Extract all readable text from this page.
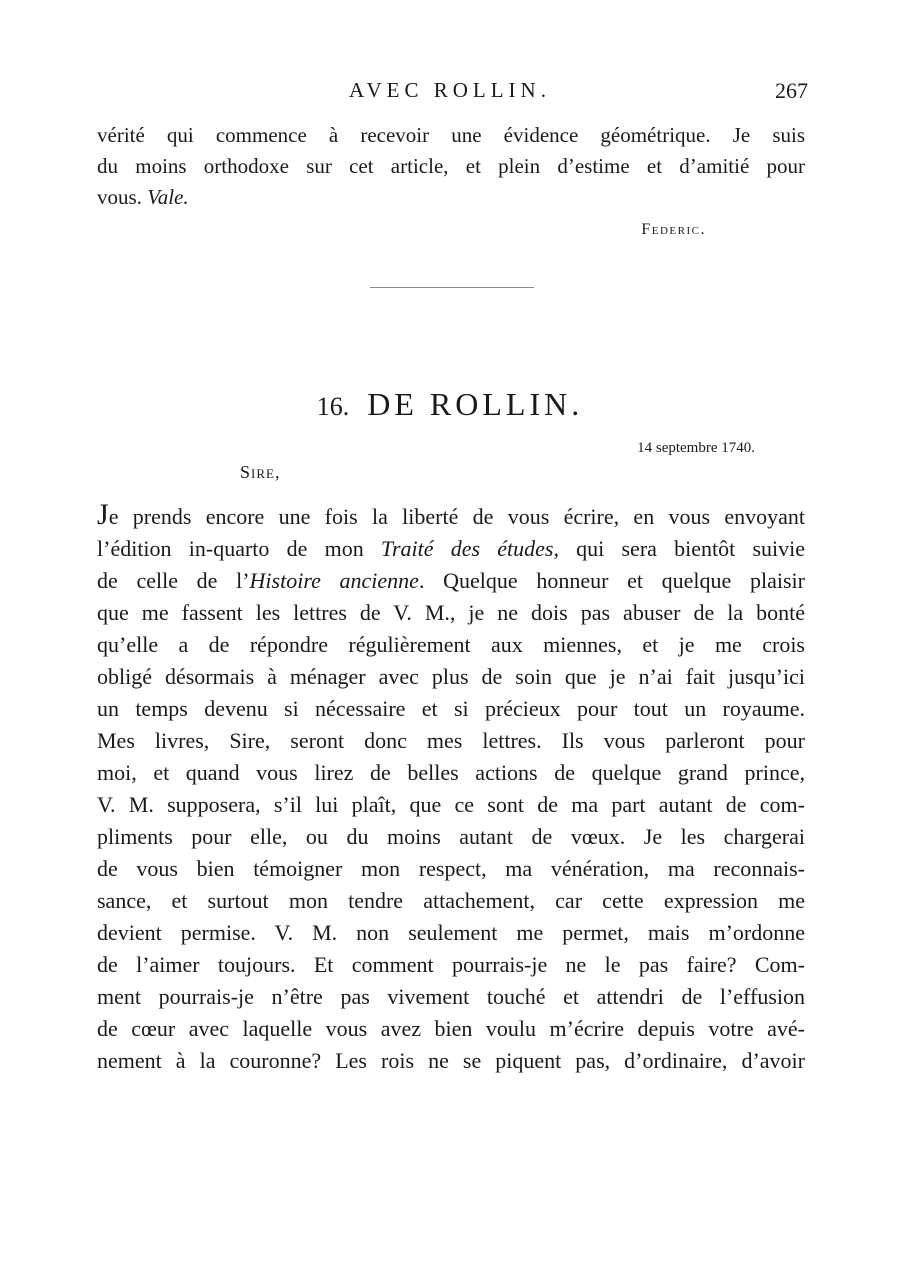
AVEC ROLLIN.	267
vérité qui commence à recevoir une évidence géométrique. Je suis
du moins orthodoxe sur cet article, et plein d’estime et d’amitié pour
vous. Vale.
Federic.
16. DE ROLLIN.
14 septembre 1740.
Sire,
Je prends encore une fois la liberté de vous écrire, en vous envoyant
l’édition in-quarto de mon Traité des études, qui sera bientôt suivie
de celle de l’Histoire ancienne. Quelque honneur et quelque plaisir
que me fassent les lettres de V. M., je ne dois pas abuser de la bonté
qu’elle a de répondre régulièrement aux miennes, et je me crois
obligé désormais à ménager avec plus de soin que je n’ai fait jusqu’ici
un temps devenu si nécessaire et si précieux pour tout un royaume.
Mes livres, Sire, seront donc mes lettres. Ils vous parleront pour
moi, et quand vous lirez de belles actions de quelque grand prince,
V. M. supposera, s’il lui plaît, que ce sont de ma part autant de com-
pliments pour elle, ou du moins autant de vœux. Je les chargerai
de vous bien témoigner mon respect, ma vénération, ma reconnais-
sance, et surtout mon tendre attachement, car cette expression me
devient permise. V. M. non seulement me permet, mais m’ordonne
de l’aimer toujours. Et comment pourrais-je ne le pas faire? Com-
ment pourrais-je n’être pas vivement touché et attendri de l’effusion
de cœur avec laquelle vous avez bien voulu m’écrire depuis votre avé-
nement à la couronne? Les rois ne se piquent pas, d’ordinaire, d’avoir
